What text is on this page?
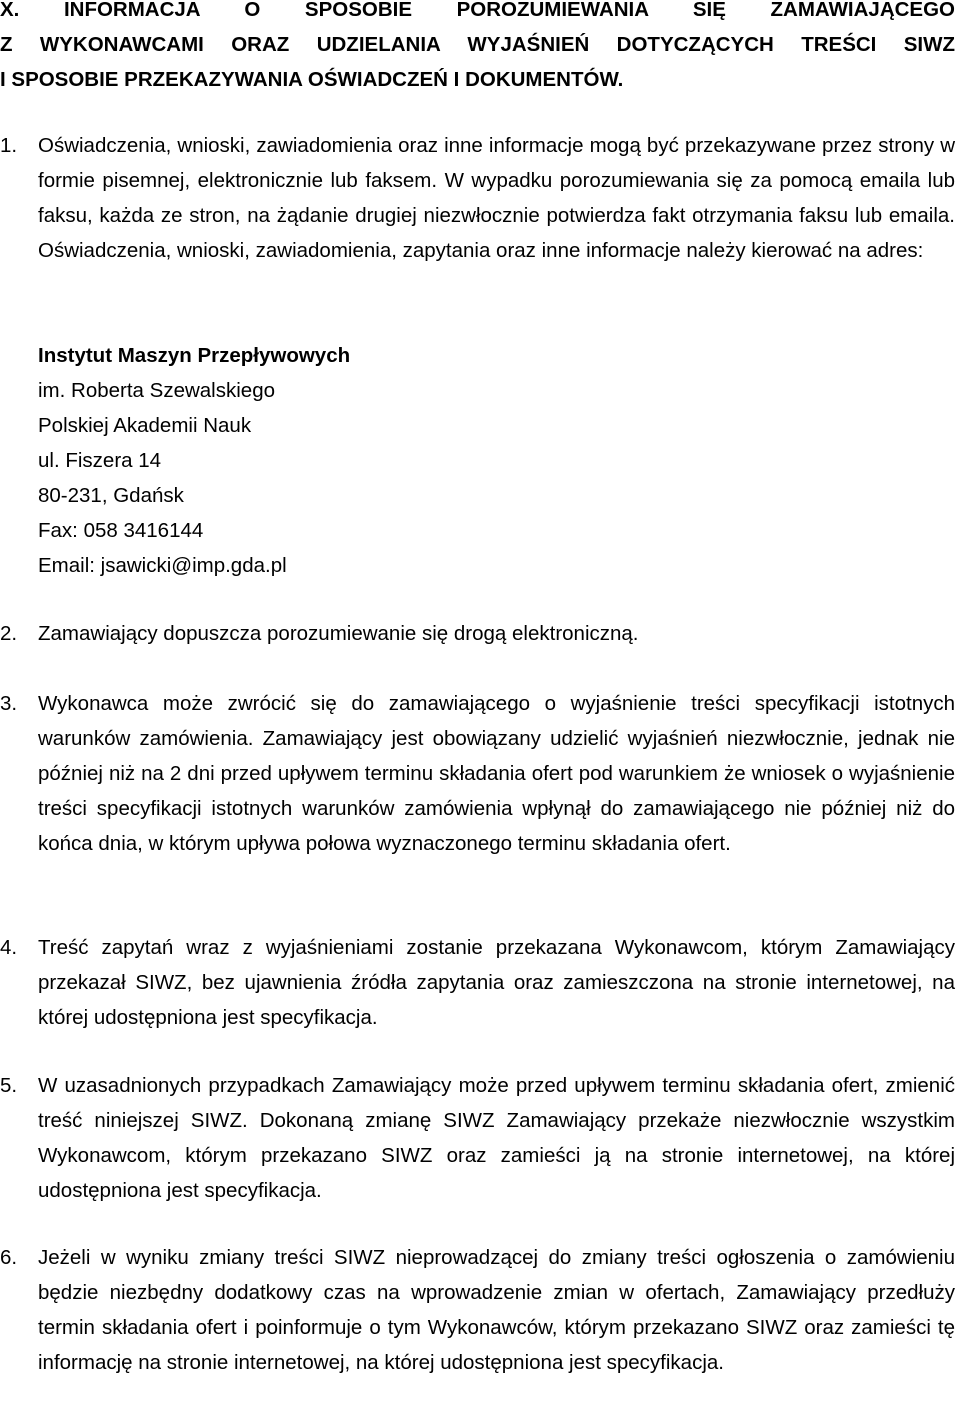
X. INFORMACJA O SPOSOBIE POROZUMIEWANIA SIĘ ZAMAWIAJĄCEGO
Z WYKONAWCAMI ORAZ UDZIELANIA WYJAŚNIEŃ DOTYCZĄCYCH TREŚCI SIWZ
I SPOSOBIE PRZEKAZYWANIA OŚWIADCZEŃ I DOKUMENTÓW.
1. Oświadczenia, wnioski, zawiadomienia oraz inne informacje mogą być przekazywane przez strony w formie pisemnej, elektronicznie lub faksem. W wypadku porozumiewania się za pomocą emaila lub faksu, każda ze stron, na żądanie drugiej niezwłocznie potwierdza fakt otrzymania faksu lub emaila. Oświadczenia, wnioski, zawiadomienia, zapytania oraz inne informacje należy kierować na adres:
Instytut Maszyn Przepływowych
im. Roberta Szewalskiego
Polskiej Akademii Nauk
ul. Fiszera 14
80-231, Gdańsk
Fax: 058 3416144
Email: jsawicki@imp.gda.pl
2. Zamawiający dopuszcza porozumiewanie się drogą elektroniczną.
3. Wykonawca może zwrócić się do zamawiającego o wyjaśnienie treści specyfikacji istotnych warunków zamówienia. Zamawiający jest obowiązany udzielić wyjaśnień niezwłocznie, jednak nie później niż na 2 dni przed upływem terminu składania ofert pod warunkiem że wniosek o wyjaśnienie treści specyfikacji istotnych warunków zamówienia wpłynął do zamawiającego nie później niż do końca dnia, w którym upływa połowa wyznaczonego terminu składania ofert.
4. Treść zapytań wraz z wyjaśnieniami zostanie przekazana Wykonawcom, którym Zamawiający przekazał SIWZ, bez ujawnienia źródła zapytania oraz zamieszczona na stronie internetowej, na której udostępniona jest specyfikacja.
5. W uzasadnionych przypadkach Zamawiający może przed upływem terminu składania ofert, zmienić treść niniejszej SIWZ. Dokonaną zmianę SIWZ Zamawiający przekaże niezwłocznie wszystkim Wykonawcom, którym przekazano SIWZ oraz zamieści ją na stronie internetowej, na której udostępniona jest specyfikacja.
6. Jeżeli w wyniku zmiany treści SIWZ nieprowadzącej do zmiany treści ogłoszenia o zamówieniu będzie niezbędny dodatkowy czas na wprowadzenie zmian w ofertach, Zamawiający przedłuży termin składania ofert i poinformuje o tym Wykonawców, którym przekazano SIWZ oraz zamieści tę informację na stronie internetowej, na której udostępniona jest specyfikacja.
